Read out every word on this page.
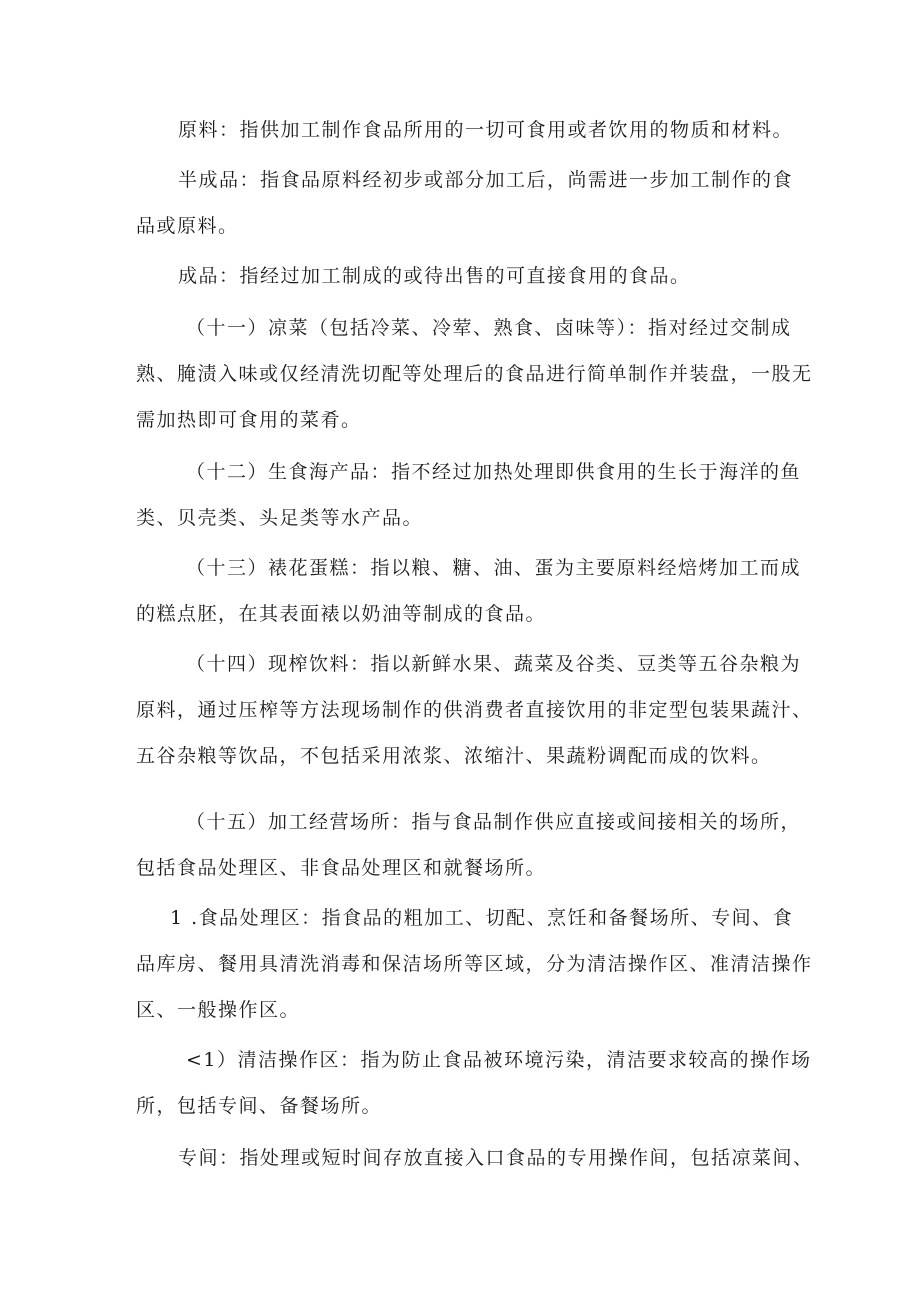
原料：指供加工制作食品所用的一切可食用或者饮用的物质和材料。

半成品：指食品原料经初步或部分加工后，尚需进一步加工制作的食

品或原料。

成品：指经过加工制成的或待出售的可直接食用的食品。

（十一）凉菜（包括冷菜、冷荤、熟食、卤味等）：指对经过交制成

熟、腌渍入味或仅经清洗切配等处理后的食品进行简单制作并装盘，一股无

需加热即可食用的菜肴。

（十二）生食海产品：指不经过加热处理即供食用的生长于海洋的鱼

类、贝壳类、头足类等水产品。

（十三）裱花蛋糕：指以粮、糖、油、蛋为主要原料经焙烤加工而成

的糕点胚，在其表面裱以奶油等制成的食品。

（十四）现榨饮料：指以新鲜水果、蔬菜及谷类、豆类等五谷杂粮为

原料，通过压榨等方法现场制作的供消费者直接饮用的非定型包装果蔬汁、

五谷杂粮等饮品，不包括采用浓浆、浓缩汁、果蔬粉调配而成的饮料。

（十五）加工经营场所：指与食品制作供应直接或间接相关的场所，

包括食品处理区、非食品处理区和就餐场所。

1 .食品处理区：指食品的粗加工、切配、烹饪和备餐场所、专间、食

品库房、餐用具清洗消毒和保洁场所等区域，分为清洁操作区、准清洁操作

区、一般操作区。

<1）清洁操作区：指为防止食品被环境污染，清洁要求较高的操作场

所，包括专间、备餐场所。

专间：指处理或短时间存放直接入口食品的专用操作间，包括凉菜间、
